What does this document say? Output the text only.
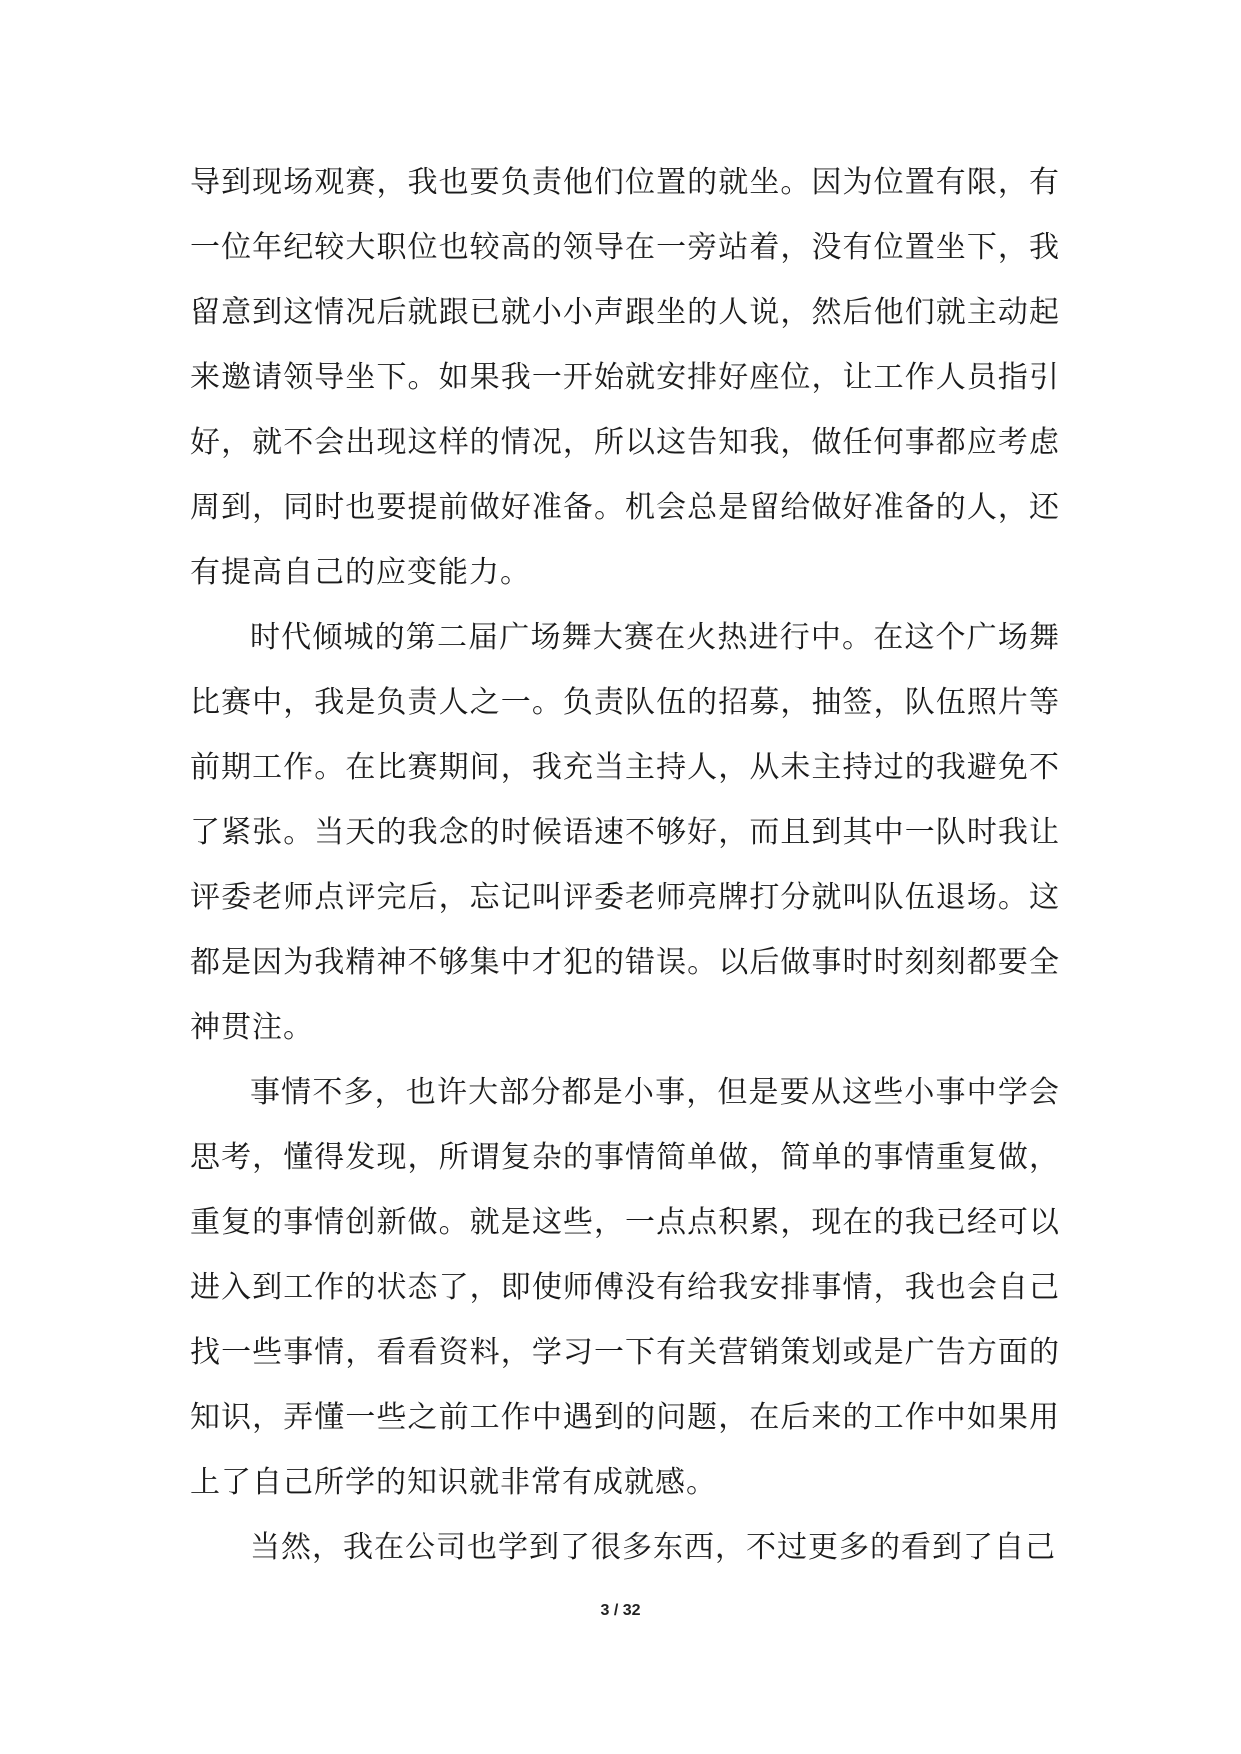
导到现场观赛，我也要负责他们位置的就坐。因为位置有限，有
一位年纪较大职位也较高的领导在一旁站着，没有位置坐下，我
留意到这情况后就跟已就小小声跟坐的人说，然后他们就主动起
来邀请领导坐下。如果我一开始就安排好座位，让工作人员指引
好，就不会出现这样的情况，所以这告知我，做任何事都应考虑
周到，同时也要提前做好准备。机会总是留给做好准备的人，还
有提高自己的应变能力。
时代倾城的第二届广场舞大赛在火热进行中。在这个广场舞
比赛中，我是负责人之一。负责队伍的招募，抽签，队伍照片等
前期工作。在比赛期间，我充当主持人，从未主持过的我避免不
了紧张。当天的我念的时候语速不够好，而且到其中一队时我让
评委老师点评完后，忘记叫评委老师亮牌打分就叫队伍退场。这
都是因为我精神不够集中才犯的错误。以后做事时时刻刻都要全
神贯注。
事情不多，也许大部分都是小事，但是要从这些小事中学会
思考，懂得发现，所谓复杂的事情简单做，简单的事情重复做，
重复的事情创新做。就是这些，一点点积累，现在的我已经可以
进入到工作的状态了，即使师傅没有给我安排事情，我也会自己
找一些事情，看看资料，学习一下有关营销策划或是广告方面的
知识，弄懂一些之前工作中遇到的问题，在后来的工作中如果用
上了自己所学的知识就非常有成就感。
当然，我在公司也学到了很多东西，不过更多的看到了自己
3 / 32
